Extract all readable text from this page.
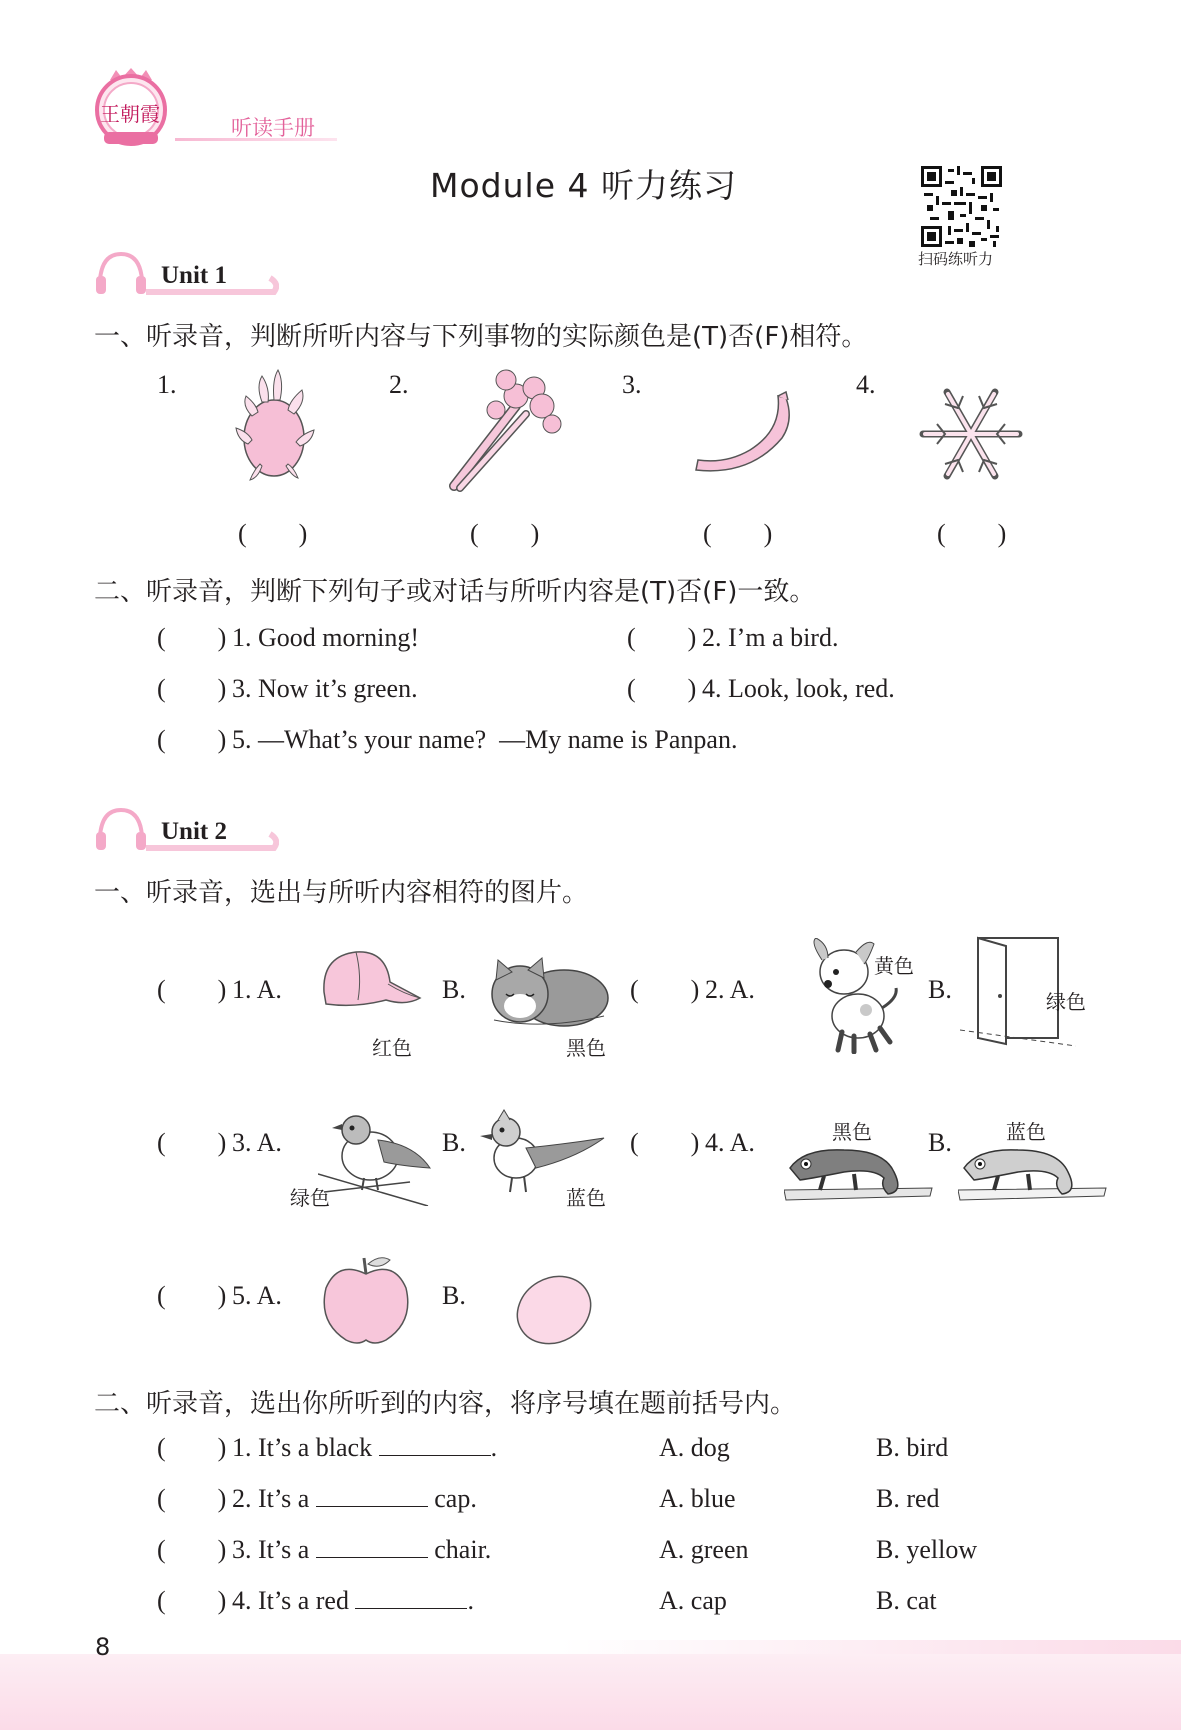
王朝霞
听读手册
Module 4 听力练习
扫码练听力
Unit 1
一、听录音，判断所听内容与下列事物的实际颜色是(T)否(F)相符。
1.	2.	3.	4.
(        )	(        )	(        )	(        )
二、听录音，判断下列句子或对话与所听内容是(T)否(F)一致。
(        ) 1. Good morning!	(        ) 2. I’m a bird.
(        ) 3. Now it’s green.	(        ) 4. Look, look, red.
(        ) 5. —What’s your name?  —My name is Panpan.
Unit 2
一、听录音，选出与所听内容相符的图片。
(        ) 1. A.
红色
B.
黑色
(        ) 2. A.
黄色
B.	绿色
(        ) 3. A.
绿色
B.
蓝色
(        ) 4. A.	黑色 B.	蓝色
(        ) 5. A.	B.
二、听录音，选出你所听到的内容，将序号填在题前括号内。
(        ) 1. It’s a black	.	A. dog	B. bird
(        ) 2. It’s a	cap.	A. blue	B. red
(        ) 3. It’s a	chair.	A. green	B. yellow
(        ) 4. It’s a red	.	A. cap	B. cat
8
